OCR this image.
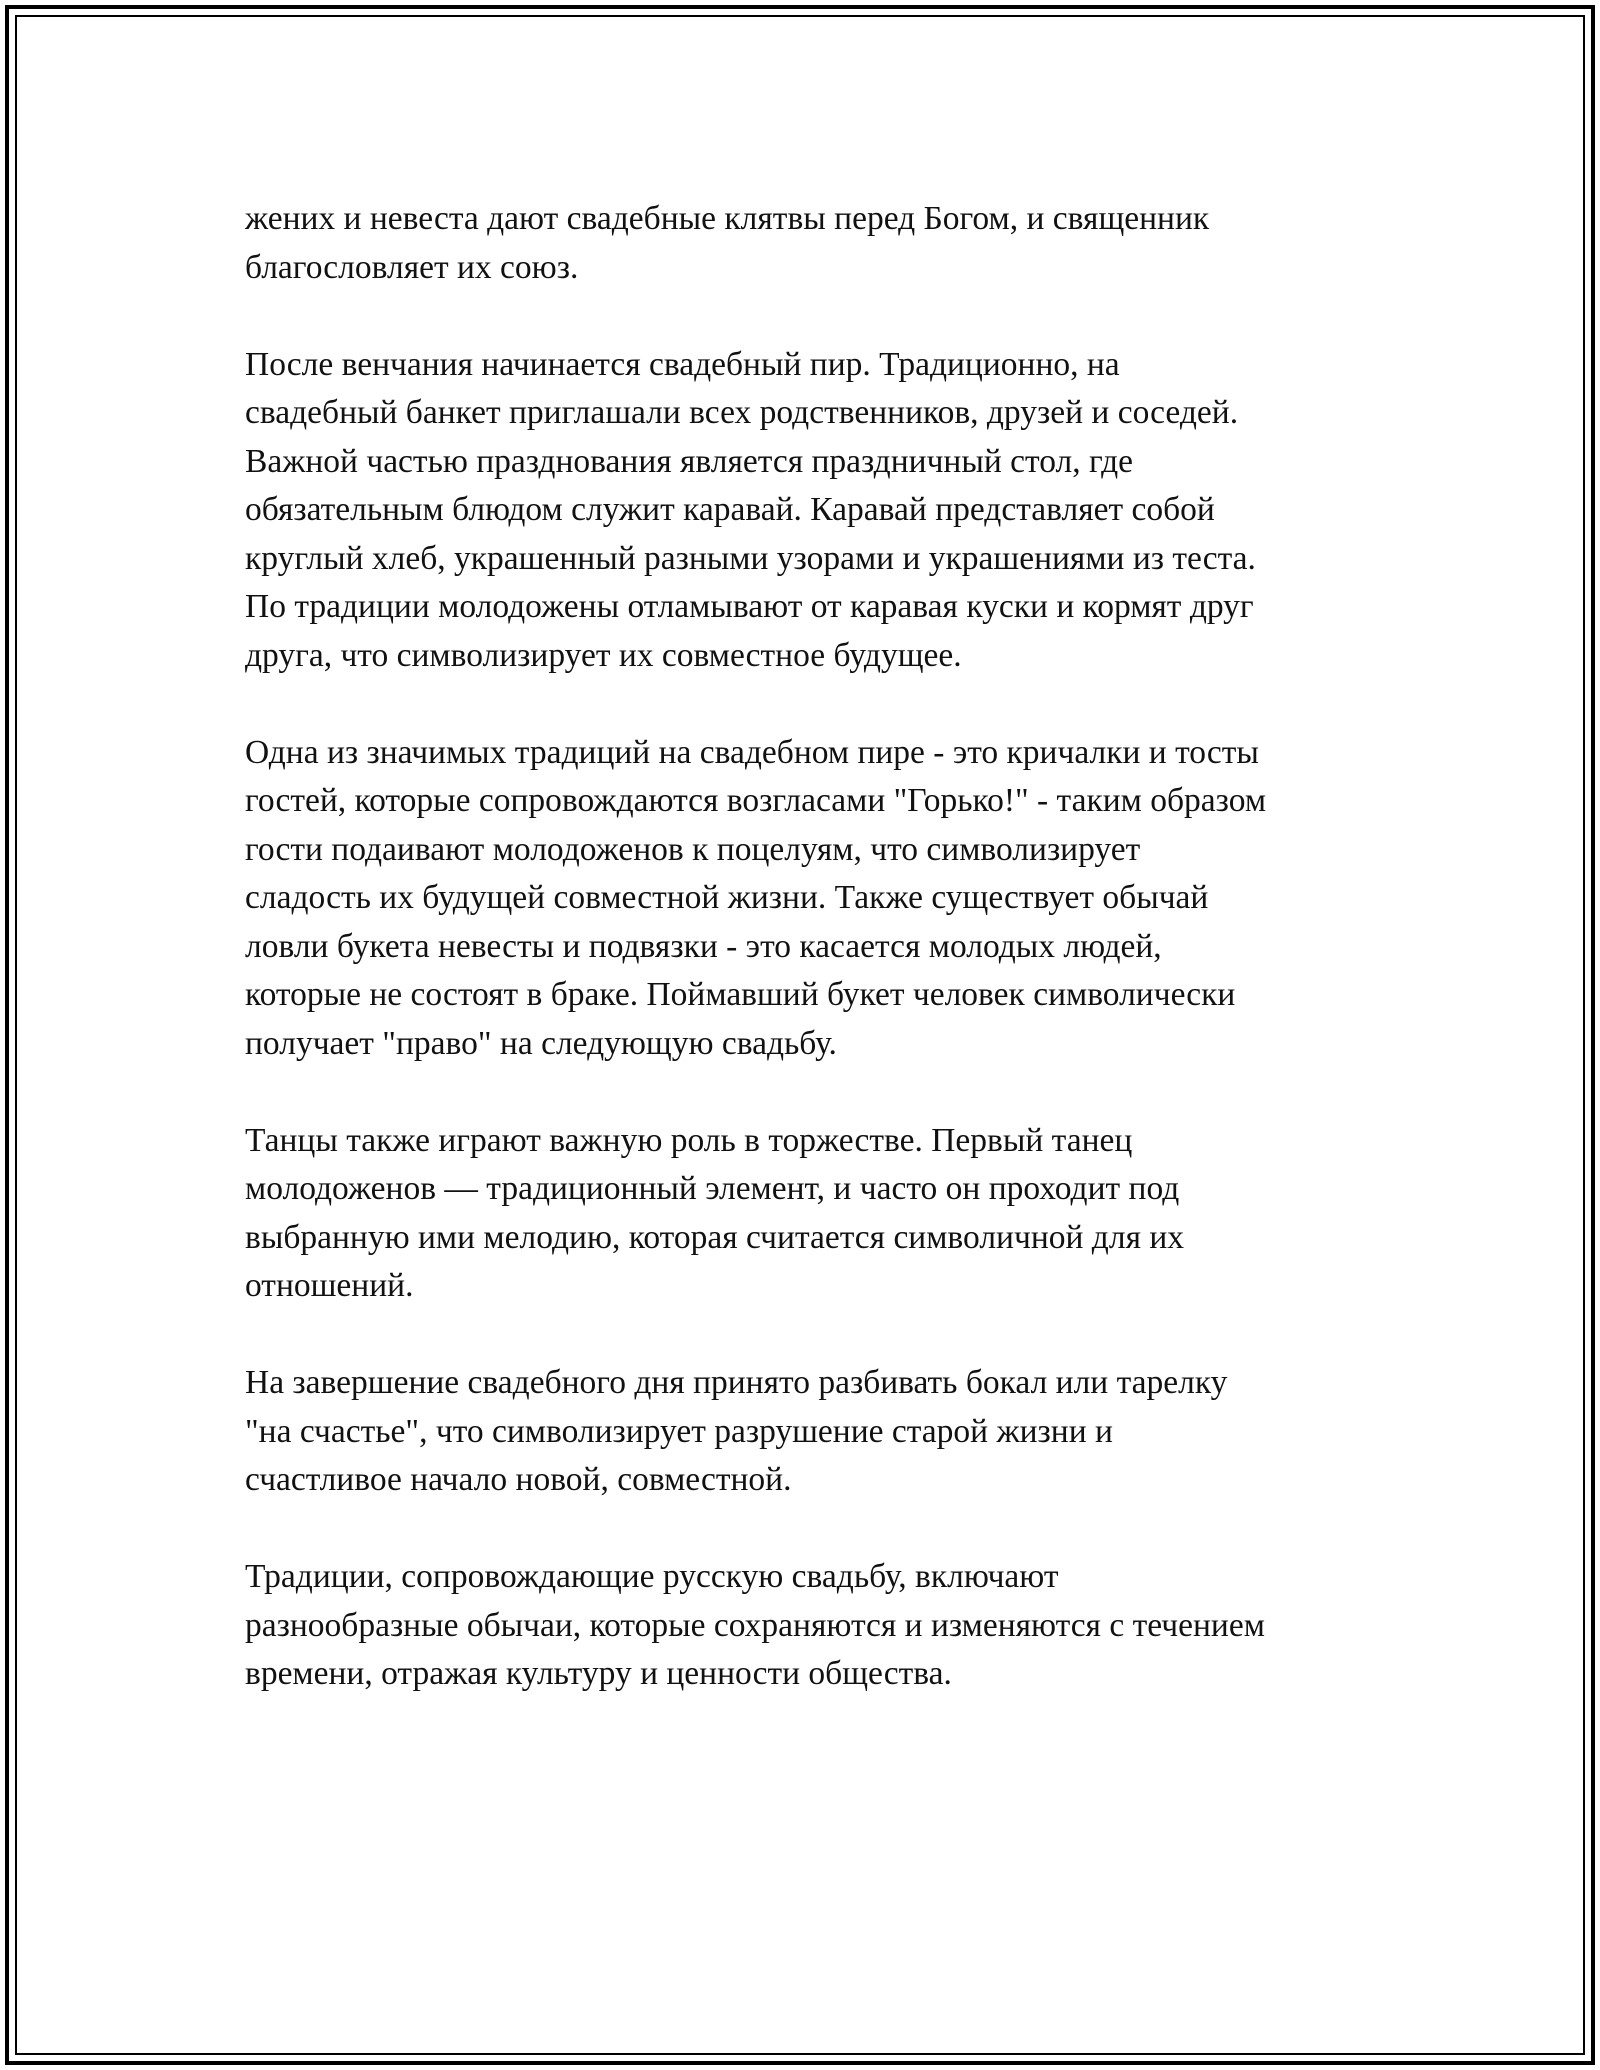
жених и невеста дают свадебные клятвы перед Богом, и священник
благословляет их союз.

После венчания начинается свадебный пир. Традиционно, на
свадебный банкет приглашали всех родственников, друзей и соседей.
Важной частью празднования является праздничный стол, где
обязательным блюдом служит каравай. Каравай представляет собой
круглый хлеб, украшенный разными узорами и украшениями из теста.
По традиции молодожены отламывают от каравая куски и кормят друг
друга, что символизирует их совместное будущее.

Одна из значимых традиций на свадебном пире - это кричалки и тосты
гостей, которые сопровождаются возгласами "Горько!" - таким образом
гости подаивают молодоженов к поцелуям, что символизирует
сладость их будущей совместной жизни. Также существует обычай
ловли букета невесты и подвязки - это касается молодых людей,
которые не состоят в браке. Поймавший букет человек символически
получает "право" на следующую свадьбу.

Танцы также играют важную роль в торжестве. Первый танец
молодоженов — традиционный элемент, и часто он проходит под
выбранную ими мелодию, которая считается символичной для их
отношений.

На завершение свадебного дня принято разбивать бокал или тарелку
"на счастье", что символизирует разрушение старой жизни и
счастливое начало новой, совместной.

Традиции, сопровождающие русскую свадьбу, включают
разнообразные обычаи, которые сохраняются и изменяются с течением
времени, отражая культуру и ценности общества.
